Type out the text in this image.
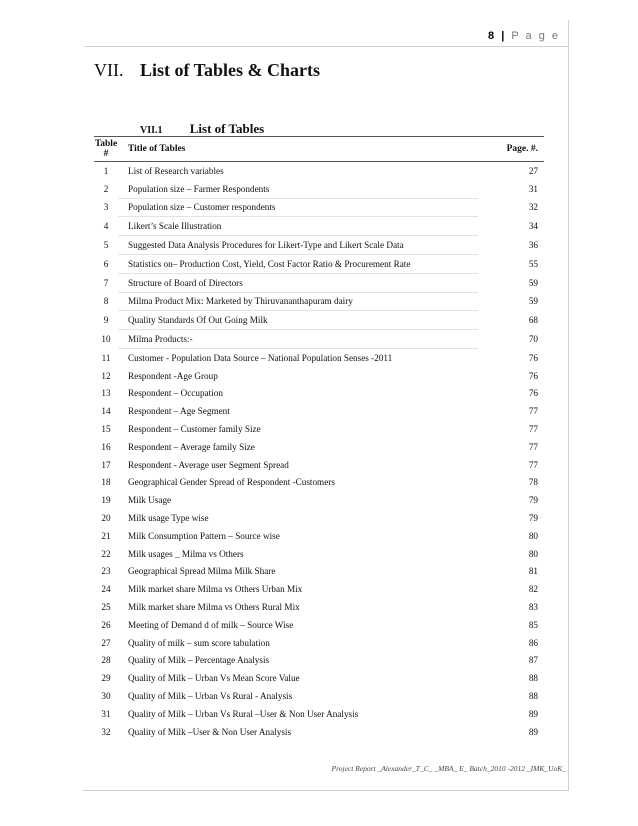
8 | P a g e
VII. List of Tables & Charts
VII.1 List of Tables
Table
#	Title of Tables	Page. #.
1	List of Research variables	27
2	Population size – Farmer Respondents	31
3	Population size – Customer respondents	32
4	Likert’s Scale Illustration	34
5	Suggested Data Analysis Procedures for Likert-Type and Likert Scale Data	36
6	Statistics on– Production Cost, Yield, Cost Factor Ratio & Procurement Rate	55
7	Structure of Board of Directors	59
8	Milma Product Mix: Marketed by Thiruvananthapuram dairy	59
9	Quality Standards Of Out Going Milk	68
10	Milma Products:-	70
11	Customer - Population Data Source – National Population Senses -2011	76
12	Respondent -Age Group	76
13	Respondent – Occupation	76
14	Respondent – Age Segment	77
15	Respondent – Customer family Size	77
16	Respondent – Average family Size	77
17	Respondent - Average user Segment Spread	77
18	Geographical Gender Spread of Respondent -Customers	78
19	Milk Usage	79
20	Milk usage Type wise	79
21	Milk Consumption Pattern – Source wise	80
22	Milk usages _ Milma vs Others	80
23	Geographical Spread Milma Milk Share	81
24	Milk market share Milma vs Others Urban Mix	82
25	Milk market share Milma vs Others Rural Mix	83
26	Meeting of Demand d of milk – Source Wise	85
27	Quality of milk – sum score tabulation	86
28	Quality of Milk – Percentage Analysis	87
29	Quality of Milk – Urban Vs Mean Score Value	88
30	Quality of Milk – Urban Vs Rural - Analysis	88
31	Quality of Milk – Urban Vs Rural –User & Non User Analysis	89
32	Quality of Milk –User & Non User Analysis	89
Project Report _Alexander_T_C_ _MBA_ E_ Batch_2010 -2012 _IMK_UoK_
